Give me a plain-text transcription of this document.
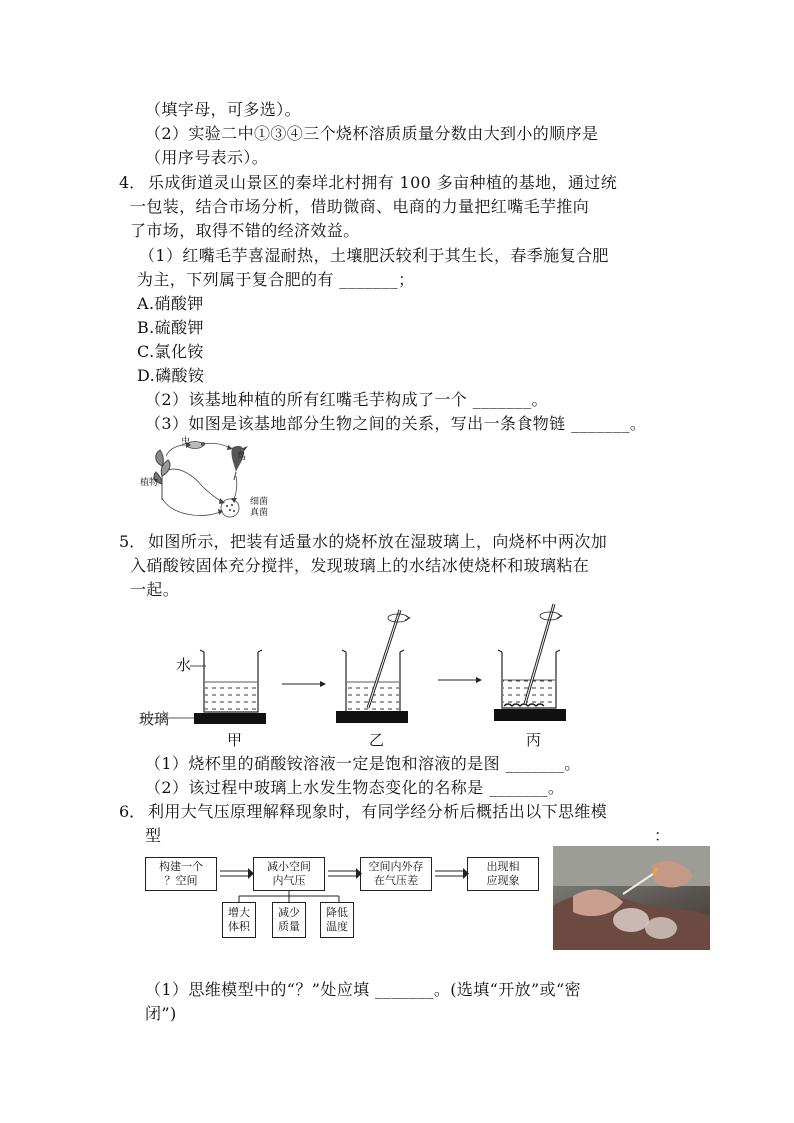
（填字母，可多选）。
（2）实验二中①③④三个烧杯溶质质量分数由大到小的顺序是
（用序号表示）。
4． 乐成街道灵山景区的秦垟北村拥有 100 多亩种植的基地，通过统
一包装，结合市场分析，借助微商、电商的力量把红嘴毛芋推向
了市场，取得不错的经济效益。
（1）红嘴毛芋喜湿耐热，土壤肥沃较利于其生长，春季施复合肥
为主，下列属于复合肥的有 _______；
A.硝酸钾
B.硫酸钾
C.氯化铵
D.磷酸铵
（2）该基地种植的所有红嘴毛芋构成了一个 _______。
（3）如图是该基地部分生物之间的关系，写出一条食物链 _______。
虫
鸟
植物
细菌
真菌
5． 如图所示，把装有适量水的烧杯放在湿玻璃上，向烧杯中两次加
入硝酸铵固体充分搅拌，发现玻璃上的水结冰使烧杯和玻璃粘在
一起。
水
玻璃
甲	乙	丙
（1）烧杯里的硝酸铵溶液一定是饱和溶液的是图 _______。
（2）该过程中玻璃上水发生物态变化的名称是 _______。
6． 利用大气压原理解释现象时，有同学经分析后概括出以下思维模
型	：
构建一个
？空间
减小空间
内气压
空间内外存
在气压差
出现相
应现象
增大
体积
减少
质量
降低
温度
（1）思维模型中的“？”处应填 _______。(选填“开放”或“密
闭”)
